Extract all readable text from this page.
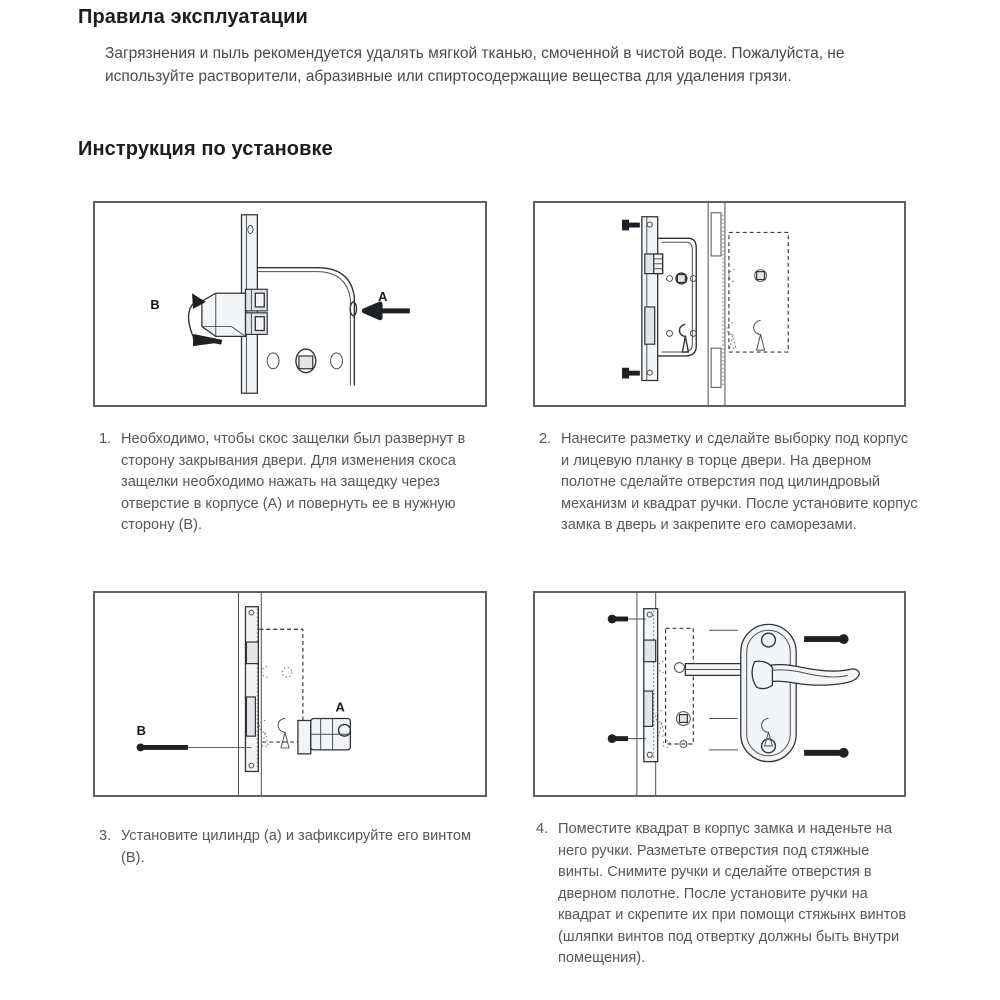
Правила эксплуатации
Загрязнения и пыль рекомендуется удалять мягкой тканью, смоченной в чистой воде. Пожалуйста, не используйте растворители, абразивные или спиртосодержащие вещества для удаления грязи.
Инструкция по установке
A
B
A
B
1. Необходимо, чтобы скос защелки был развернут в сторону закрывания двери. Для изменения скоса защелки необходимо нажать на защедку через отверстие в корпусе (А) и повернуть ее в нужную сторону (В).
2. Нанесите разметку и сделайте выборку под корпус и лицевую планку в торце двери. На дверном полотне сделайте отверстия под цилиндровый механизм и квадрат ручки. После установите корпус замка в дверь и закрепите его саморезами.
3. Установите цилиндр (а) и зафиксируйте его винтом (В).
4. Поместите квадрат в корпус замка и наденьте на него ручки. Разметьте отверстия под стяжные винты. Снимите ручки и сделайте отверстия в дверном полотне. После установите ручки на квадрат и скрепите их при помощи стяжынх винтов (шляпки винтов под отвертку должны быть внутри помещения).
